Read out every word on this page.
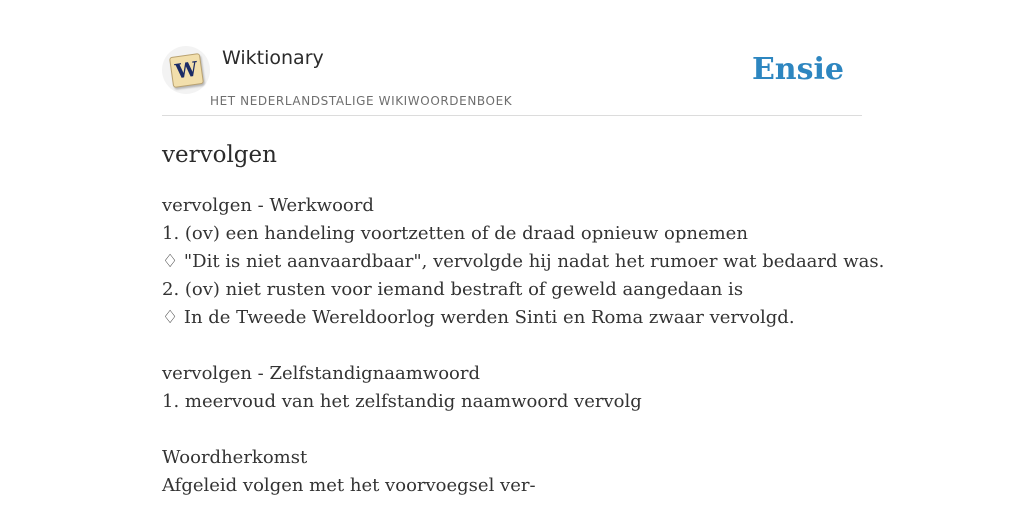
W Wiktionary
HET NEDERLANDSTALIGE WIKIWOORDENBOEK
Ensie
vervolgen
vervolgen - Werkwoord
1. (ov) een handeling voortzetten of de draad opnieuw opnemen
♢ "Dit is niet aanvaardbaar", vervolgde hij nadat het rumoer wat bedaard was.
2. (ov) niet rusten voor iemand bestraft of geweld aangedaan is
♢ In de Tweede Wereldoorlog werden Sinti en Roma zwaar vervolgd.
vervolgen - Zelfstandignaamwoord
1. meervoud van het zelfstandig naamwoord vervolg
Woordherkomst
Afgeleid volgen met het voorvoegsel ver-
